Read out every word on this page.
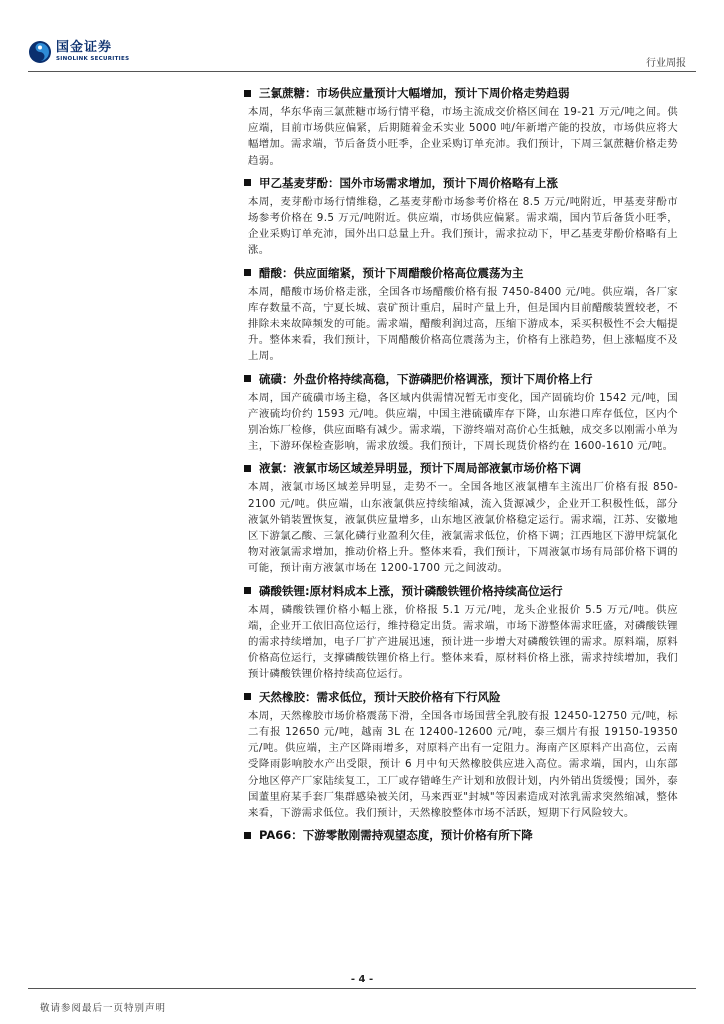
国金证券
SINOLINK SECURITIES	行业周报
三氯蔗糖：市场供应量预计大幅增加，预计下周价格走势趋弱

本周，华东华南三氯蔗糖市场行情平稳，市场主流成交价格区间在 19-21 万元/吨之间。供应端，目前市场供应偏紧，后期随着金禾实业 5000 吨/年新增产能的投放，市场供应将大幅增加。需求端，节后备货小旺季，企业采购订单充沛。我们预计，下周三氯蔗糖价格走势趋弱。

甲乙基麦芽酚：国外市场需求增加，预计下周价格略有上涨

本周，麦芽酚市场行情维稳，乙基麦芽酚市场参考价格在 8.5 万元/吨附近，甲基麦芽酚市场参考价格在 9.5 万元/吨附近。供应端，市场供应偏紧。需求端，国内节后备货小旺季，企业采购订单充沛，国外出口总量上升。我们预计，需求拉动下，甲乙基麦芽酚价格略有上涨。

醋酸：供应面缩紧，预计下周醋酸价格高位震荡为主

本周，醋酸市场价格走涨，全国各市场醋酸价格有报 7450-8400 元/吨。供应端，各厂家库存数量不高，宁夏长城、袁矿预计重启，届时产量上升，但是国内目前醋酸装置较老，不排除未来故障频发的可能。需求端，醋酸利润过高，压缩下游成本，采买积极性不会大幅提升。整体来看，我们预计，下周醋酸价格高位震荡为主，价格有上涨趋势，但上涨幅度不及上周。

硫磺：外盘价格持续高稳，下游磷肥价格调涨，预计下周价格上行

本周，国产硫磺市场主稳，各区域内供需情况暂无市变化，国产固硫均价 1542 元/吨，国产液硫均价约 1593 元/吨。供应端，中国主港硫磺库存下降，山东港口库存低位，区内个别冶炼厂检修，供应面略有减少。需求端，下游终端对高价心生抵触，成交多以刚需小单为主，下游环保检查影响，需求放缓。我们预计，下周长现货价格约在 1600-1610 元/吨。

液氯：液氯市场区域差异明显，预计下周局部液氯市场价格下调

本周，液氯市场区域差异明显，走势不一。全国各地区液氯槽车主流出厂价格有报 850-2100 元/吨。供应端，山东液氯供应持续缩减，流入货源减少，企业开工积极性低，部分液氯外销装置恢复，液氯供应量增多，山东地区液氯价格稳定运行。需求端，江苏、安徽地区下游氯乙酸、三氯化磷行业盈利欠佳，液氯需求低位，价格下调；江西地区下游甲烷氯化物对液氯需求增加，推动价格上升。整体来看，我们预计，下周液氯市场有局部价格下调的可能，预计南方液氯市场在 1200-1700 元之间波动。

磷酸铁锂:原材料成本上涨，预计磷酸铁锂价格持续高位运行

本周，磷酸铁锂价格小幅上涨，价格报 5.1 万元/吨，龙头企业报价 5.5 万元/吨。供应端，企业开工依旧高位运行，维持稳定出货。需求端，市场下游整体需求旺盛，对磷酸铁锂的需求持续增加，电子厂扩产进展迅速，预计进一步增大对磷酸铁锂的需求。原料端，原料价格高位运行，支撑磷酸铁锂价格上行。整体来看，原材料价格上涨，需求持续增加，我们预计磷酸铁锂价格持续高位运行。

天然橡胶：需求低位，预计天胶价格有下行风险

本周，天然橡胶市场价格震荡下滑，全国各市场国营全乳胶有报 12450-12750 元/吨，标二有报 12650 元/吨，越南 3L 在 12400-12600 元/吨，泰三烟片有报 19150-19350 元/吨。供应端，主产区降雨增多，对原料产出有一定阻力。海南产区原料产出高位，云南受降雨影响胶水产出受限，预计 6 月中旬天然橡胶供应进入高位。需求端，国内，山东部分地区停产厂家陆续复工，工厂或存错峰生产计划和放假计划，内外销出货缓慢；国外，泰国董里府某手套厂集群感染被关闭，马来西亚"封城"等因素造成对浓乳需求突然缩减，整体来看，下游需求低位。我们预计，天然橡胶整体市场不活跃，短期下行风险较大。

PA66：下游零散刚需持观望态度，预计价格有所下降
- 4 -
敬请参阅最后一页特别声明
